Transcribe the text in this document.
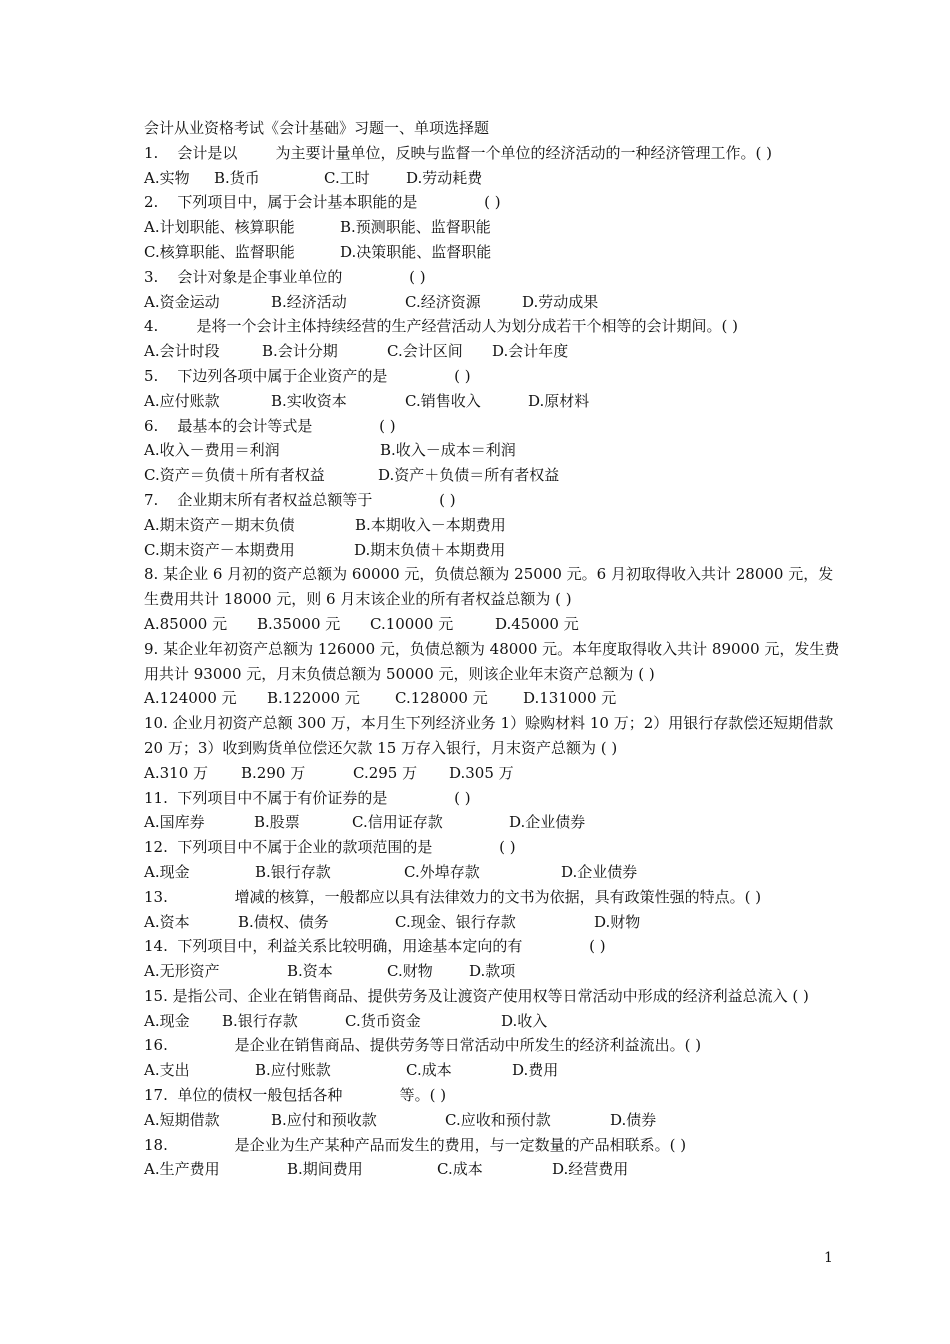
会计从业资格考试《会计基础》习题一、单项选择题
1.    会计是以        为主要计量单位，反映与监督一个单位的经济活动的一种经济管理工作。( )
A.实物	B.货币	C.工时	D.劳动耗费
2.    下列项目中，属于会计基本职能的是              ( )
A.计划职能、核算职能	B.预测职能、监督职能
C.核算职能、监督职能	D.决策职能、监督职能
3.    会计对象是企事业单位的              ( )
A.资金运动	B.经济活动	C.经济资源	D.劳动成果
4.        是将一个会计主体持续经营的生产经营活动人为划分成若干个相等的会计期间。( )
A.会计时段	B.会计分期	C.会计区间	D.会计年度
5.    下边列各项中属于企业资产的是              ( )
A.应付账款	B.实收资本	C.销售收入	D.原材料
6.    最基本的会计等式是              ( )
A.收入－费用＝利润	B.收入－成本＝利润
C.资产＝负债＋所有者权益	D.资产＋负债＝所有者权益
7.    企业期末所有者权益总额等于              ( )
A.期末资产－期末负债	B.本期收入－本期费用
C.期末资产－本期费用	D.期末负债＋本期费用
8. 某企业 6 月初的资产总额为 60000 元，负债总额为 25000 元。6 月初取得收入共计 28000 元，发生费用共计 18000 元，则 6 月末该企业的所有者权益总额为 ( )
A.85000 元	B.35000 元	C.10000 元	D.45000 元
9. 某企业年初资产总额为 126000 元，负债总额为 48000 元。本年度取得收入共计 89000 元，发生费用共计 93000 元，月末负债总额为 50000 元，则该企业年末资产总额为 ( )
A.124000 元	B.122000 元	C.128000 元	D.131000 元
10. 企业月初资产总额 300 万，本月生下列经济业务 1）赊购材料 10 万；2）用银行存款偿还短期借款 20 万；3）收到购货单位偿还欠款 15 万存入银行，月末资产总额为 ( )
A.310 万	B.290 万	C.295 万	D.305 万
11.  下列项目中不属于有价证券的是              ( )
A.国库券	B.股票	C.信用证存款	D.企业债券
12.  下列项目中不属于企业的款项范围的是              ( )
A.现金	B.银行存款	C.外埠存款	D.企业债券
13.              增减的核算，一般都应以具有法律效力的文书为依据，具有政策性强的特点。( )
A.资本	B.债权、债务	C.现金、银行存款	D.财物
14.  下列项目中，利益关系比较明确，用途基本定向的有              ( )
A.无形资产	B.资本	C.财物	D.款项
15. 是指公司、企业在销售商品、提供劳务及让渡资产使用权等日常活动中形成的经济利益总流入 ( )
A.现金	B.银行存款	C.货币资金	D.收入
16.              是企业在销售商品、提供劳务等日常活动中所发生的经济利益流出。( )
A.支出	B.应付账款	C.成本	D.费用
17.  单位的债权一般包括各种            等。( )
A.短期借款	B.应付和预收款	C.应收和预付款	D.债券
18.              是企业为生产某种产品而发生的费用，与一定数量的产品相联系。( )
A.生产费用	B.期间费用	C.成本	D.经营费用
1
